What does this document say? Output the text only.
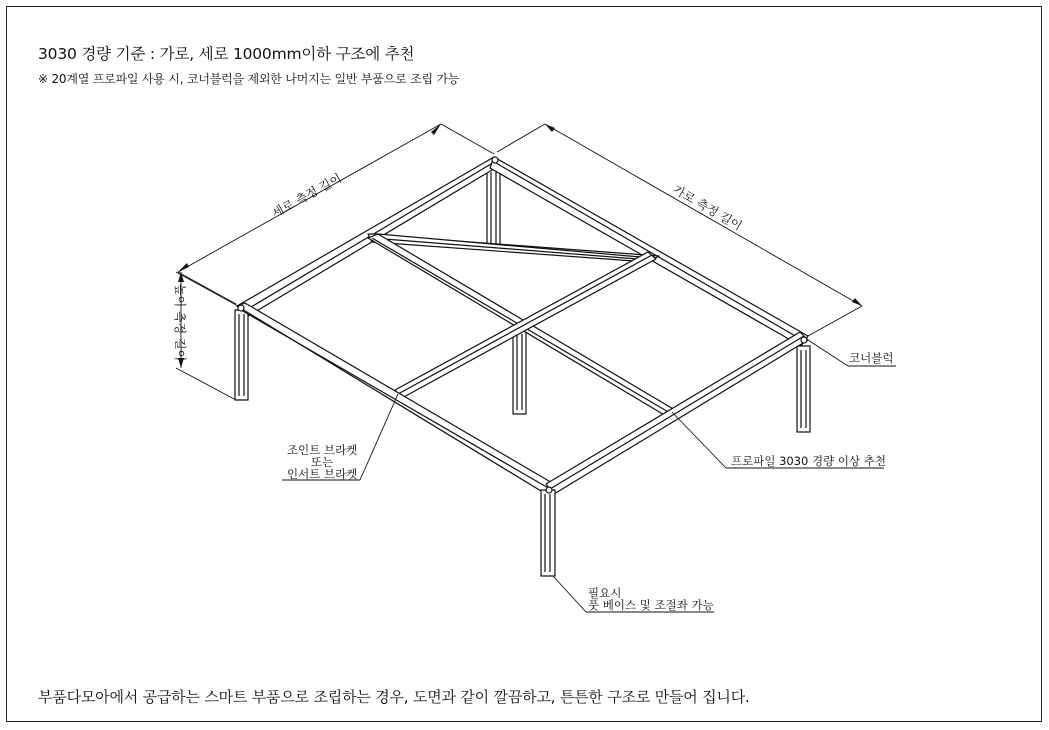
3030 경량 기준 : 가로, 세로 1000mm이하 구조에 추천
※ 20계열 프로파일 사용 시, 코너블럭을 제외한 나머지는 일반 부품으로 조립 가능
세로 측정 길이	가로 측정 길이
높이 측정 길이	코너블럭
조인트 브라켓
또는
인서트 브라켓
프로파일 3030 경량 이상 추천
필요시
풋 베이스 및 조절좌 가능
부품다모아에서 공급하는 스마트 부품으로 조립하는 경우, 도면과 같이 깔끔하고, 튼튼한 구조로 만들어 집니다.
